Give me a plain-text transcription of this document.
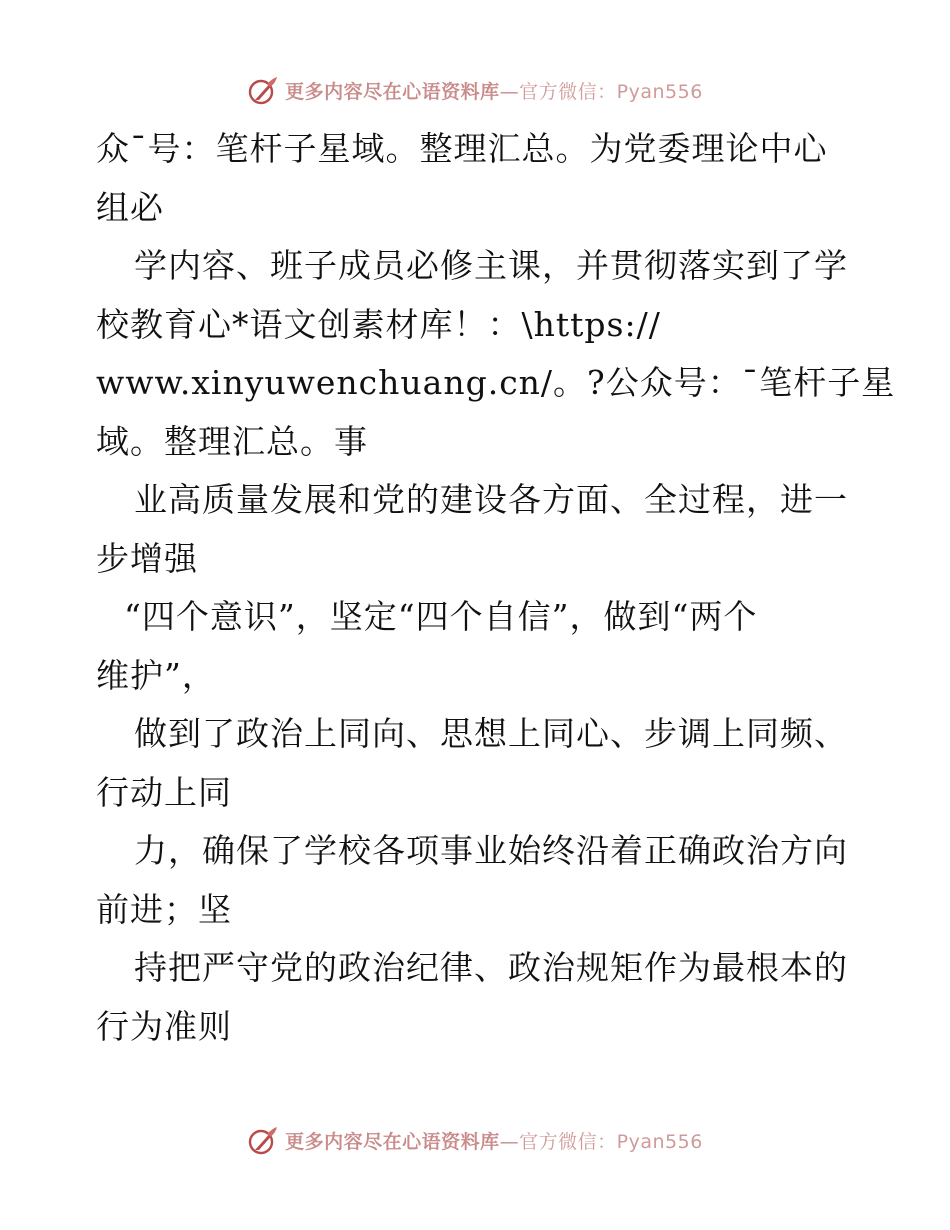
更多内容尽在心语资料库—官方微信：Pyan556
众¯号：笔杆子星域。整理汇总。为党委理论中心
组必
学内容、班子成员必修主课，并贯彻落实到了学
校教育心*语文创素材库！：\https://
www.xinyuwenchuang.cn/。?公众号：¯笔杆子星
域。整理汇总。事
业高质量发展和党的建设各方面、全过程，进一
步增强
“四个意识”，坚定“四个自信”，做到“两个
维护”，
做到了政治上同向、思想上同心、步调上同频、
行动上同
力，确保了学校各项事业始终沿着正确政治方向
前进；坚
持把严守党的政治纪律、政治规矩作为最根本的
行为准则
更多内容尽在心语资料库—官方微信：Pyan556
